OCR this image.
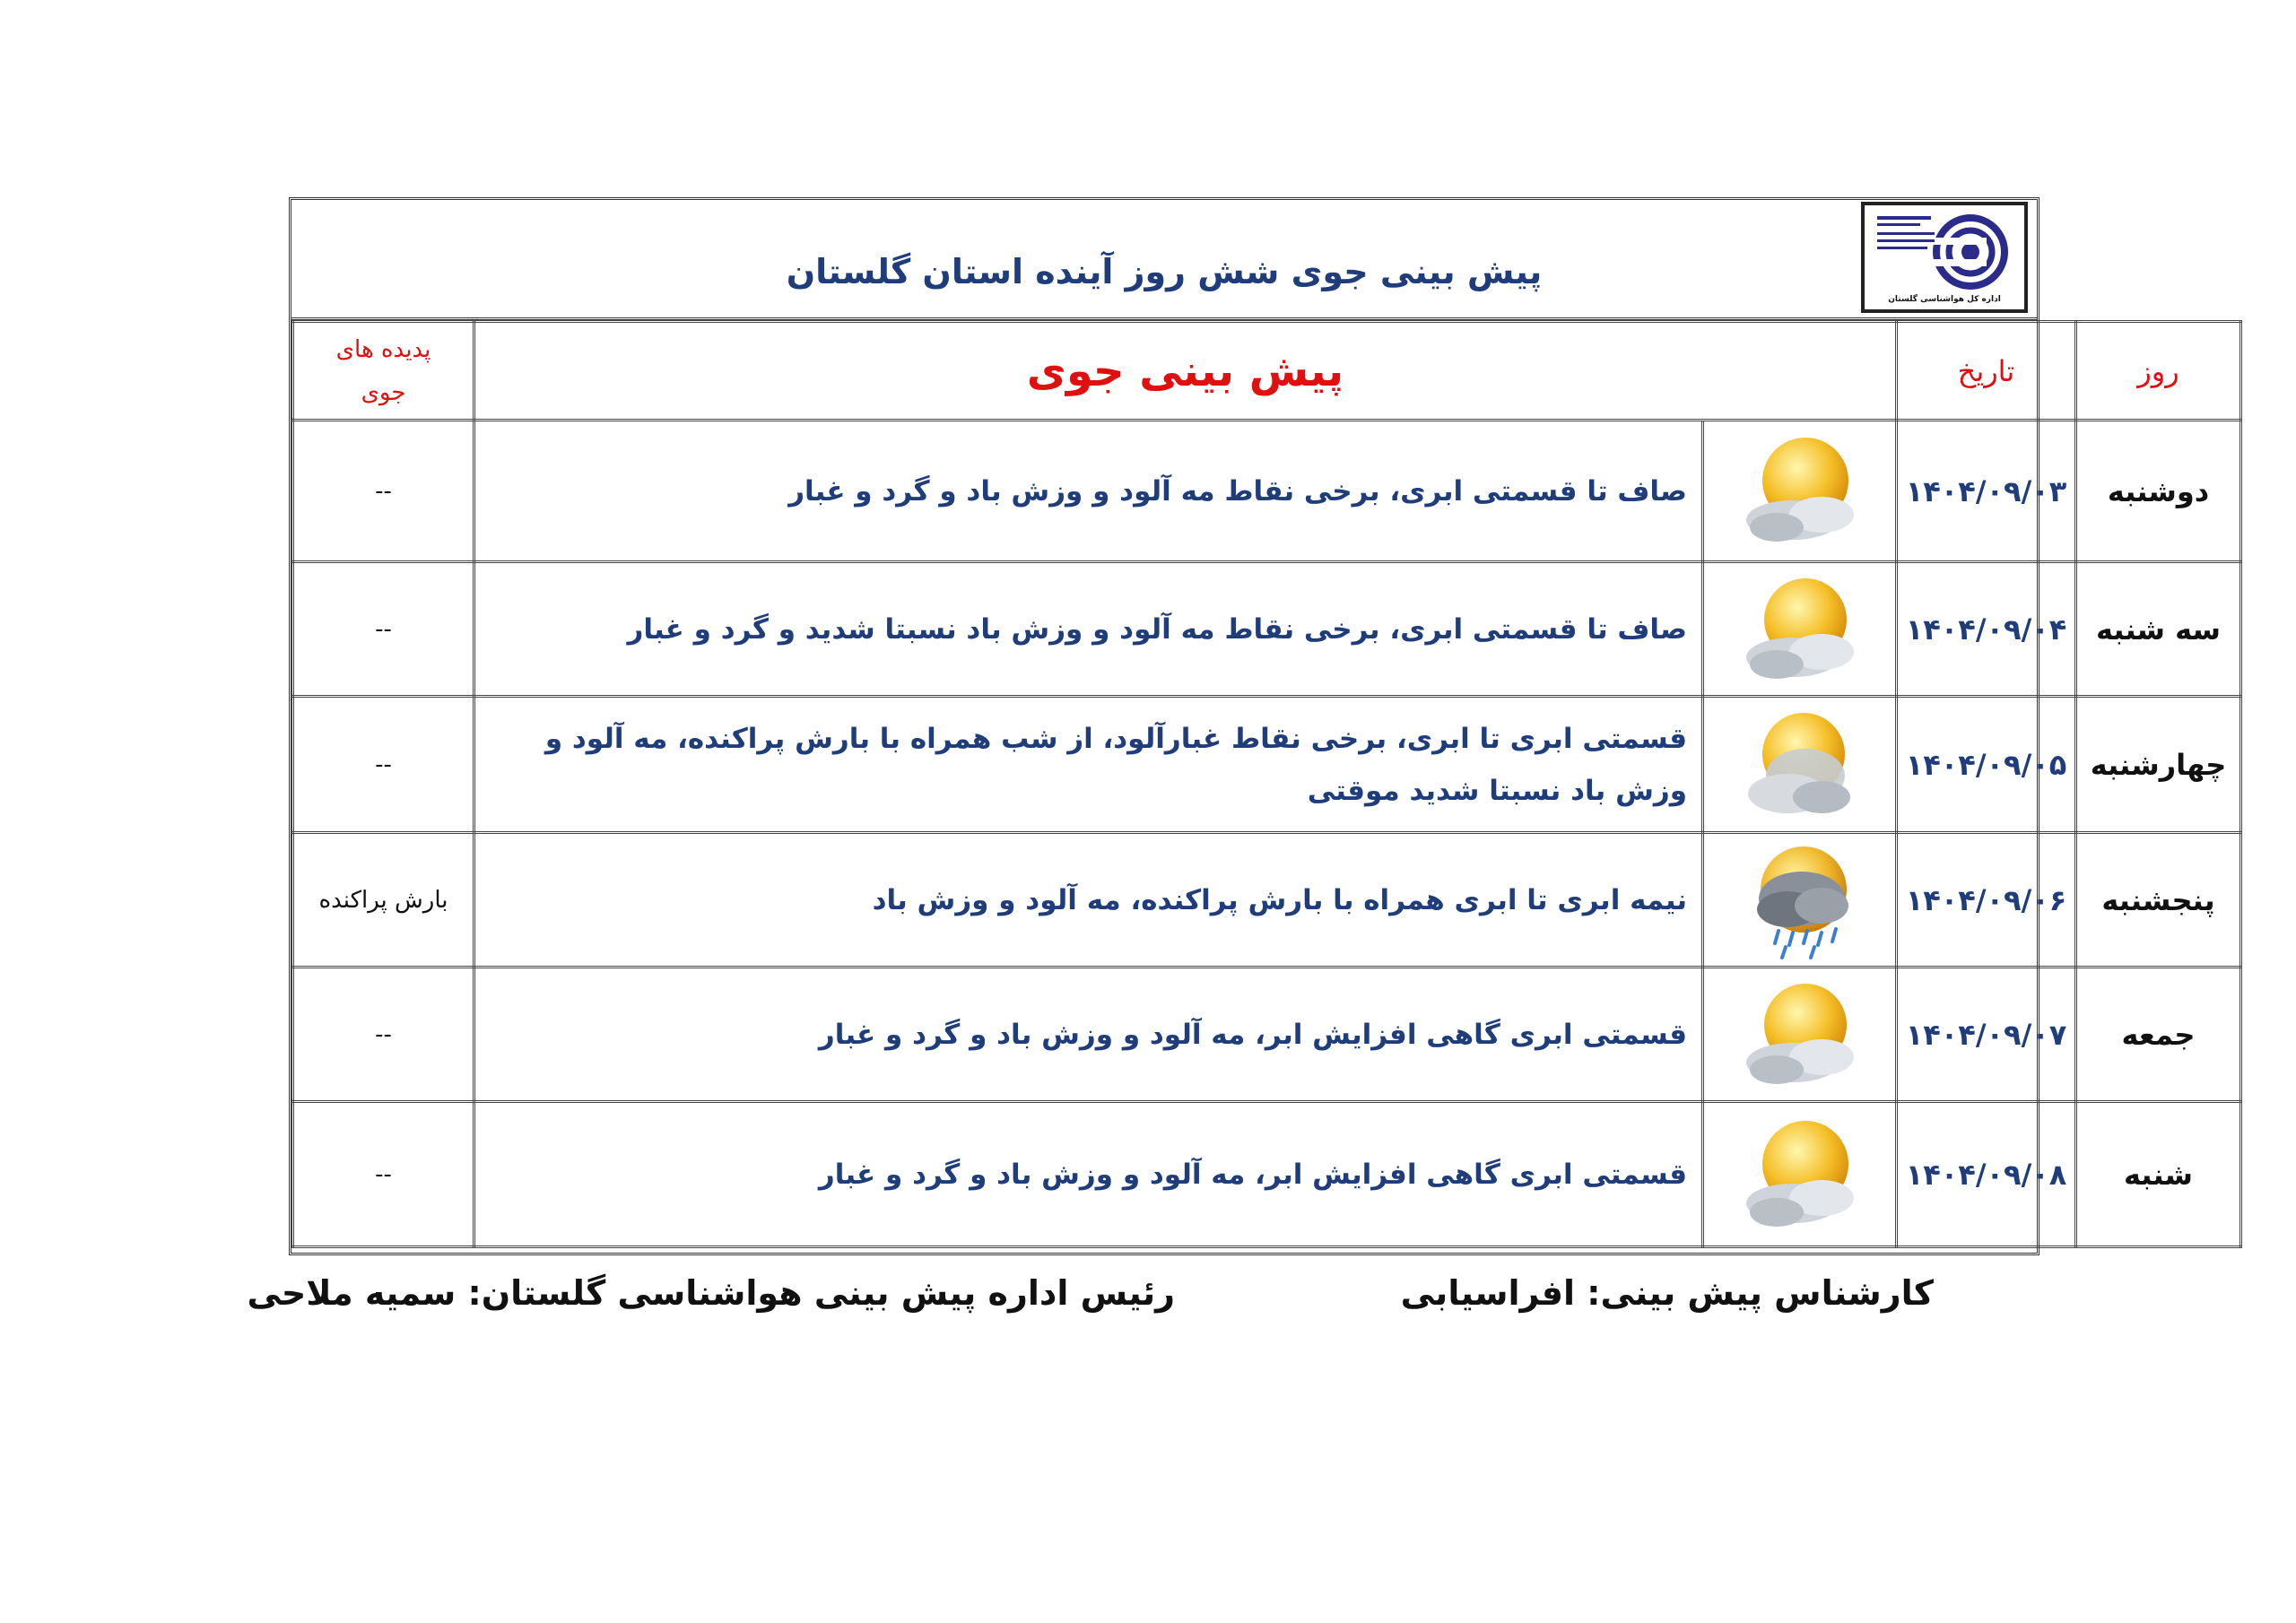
پیش بینی جوی شش روز آینده استان گلستان
اداره کل هواشناسی گلستان
روز	تاریخ	پیش بینی جوی		پدیده های
جوی

دوشنبه	۱۴۰۴/۰۹/۰۳		صاف تا قسمتی ابری، برخی نقاط مه آلود و وزش باد و گرد و غبار	--
سه شنبه	۱۴۰۴/۰۹/۰۴		صاف تا قسمتی ابری، برخی نقاط مه آلود و وزش باد نسبتا شدید و گرد و غبار	--
چهارشنبه	۱۴۰۴/۰۹/۰۵		قسمتی ابری تا ابری، برخی نقاط غبارآلود، از شب همراه با بارش پراکنده، مه آلود و وزش باد نسبتا شدید موقتی	--
پنجشنبه	۱۴۰۴/۰۹/۰۶		نیمه ابری تا ابری همراه با بارش پراکنده، مه آلود و وزش باد	بارش پراکنده
جمعه	۱۴۰۴/۰۹/۰۷		قسمتی ابری گاهی افزایش ابر، مه آلود و وزش باد و گرد و غبار	--
شنبه	۱۴۰۴/۰۹/۰۸		قسمتی ابری گاهی افزایش ابر، مه آلود و وزش باد و گرد و غبار	--
کارشناس پیش بینی: افراسیابی
رئیس اداره پیش بینی هواشناسی گلستان: سمیه ملاحی
